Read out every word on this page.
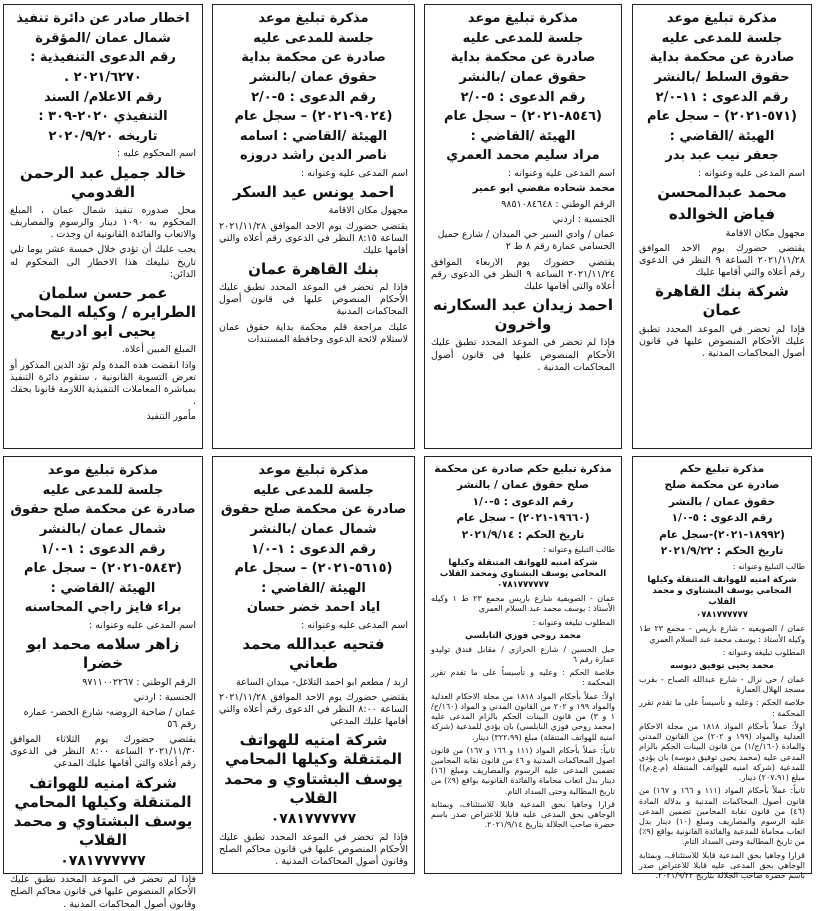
مذكرة تبليغ موعد
جلسة للمدعى عليه
صادرة عن محكمة بداية
حقوق السلط /بالنشر
رقم الدعوى : ١١-٢/٠
(٥٧١-٢٠٢١) – سجل عام
الهيئة /القاضي :
جعفر نيب عبد بدر
اسم المدعى عليه وعنوانه :
محمد عبدالمحسن
فياض الخوالده
مجهول مكان الاقامة
يقتضي حضورك يوم الاحد الموافق ٢٠٢١/١١/٢٨ الساعة ٩ النظر في الدعوى رقم أعلاه والتي أقامها عليك
شركة بنك القاهرة عمان
فإذا لم تحضر في الموعد المحدد تطبق عليك الأحكام المنصوص عليها في قانون أصول المحاكمات المدنية .
مذكرة تبليغ موعد
جلسة للمدعى عليه
صادرة عن محكمة بداية
حقوق عمان /بالنشر
رقم الدعوى : ٥-٢/٠
(٨٥٤٦-٢٠٢١) – سجل عام
الهيئة /القاضي :
مراد سليم محمد العمري
اسم المدعى عليه وعنوانه :
محمد شحاده مفضي ابو عمير
الرقم الوطني : ٩٨٥١٠٨٤٦٤٨
الجنسية : اردني
عمان / وادي السير حي الميدان / شارع جميل الحسامي عمارة رقم ٨ ط ٢
يقتضي حضورك يوم الاربعاء الموافق ٢٠٢١/١١/٢٤ الساعة ٩ النظر في الدعوى رقم أعلاه والتي أقامها عليك
احمد زيدان عبد السكارنه واخرون
فإذا لم تحضر في الموعد المحدد تطبق عليك الأحكام المنصوص عليها في قانون أصول المحاكمات المدنية .
مذكرة تبليغ موعد
جلسة للمدعى عليه
صادرة عن محكمة بداية
حقوق عمان /بالنشر
رقم الدعوى : ٥-٢/٠
(٩٠٢٤-٢٠٢١) – سجل عام
الهيئة /القاضي : اسامه
ناصر الدين راشد دروزه
اسم المدعى عليه وعنوانه :
احمد يونس عيد السكر
مجهول مكان الاقامة
يقتضي حضورك يوم الاحد الموافق ٢٠٢١/١١/٢٨ الساعة ٨:١٥ النظر في الدعوى رقم أعلاه والتي أقامها عليك
بنك القاهرة عمان
فإذا لم تحضر في الموعد المحدد تطبق عليك الأحكام المنصوص عليها في قانون أصول المحاكمات المدنية
عليك مراجعة قلم محكمة بداية حقوق عمان لاستلام لائحة الدعوى وحافظة المستندات
اخطار صادر عن دائرة تنفيذ
شمال عمان /المؤقرة
رقم الدعوى التنفيذية :
٢٠٢١/٦٢٧٠ .
رقم الاعلام/ السند
التنفيذي ٢٠٢٠-٣٠٩ :
تاريخه ٢٠٢٠/٩/٢٠
اسم المحكوم عليه :
خالد جميل عبد الرحمن القدومي
محل صدوره تنفيذ شمال عمان ، المبلغ المحكوم به ١٠٩٠ دينار والرسوم والمصاريف والاتعاب والفائدة القانونية ان وجدت .
يجب عليك أن تؤدي خلال خمسة عشر يوما تلي تاريخ تبليغك هذا الاخطار الى المحكوم له الدائن:
عمر حسن سلمان الطرايره / وكيله المحامي يحيى ابو ادريع
المبلغ المبين أعلاه.
واذا انقضت هذه المدة ولم تؤد الدين المذكور أو تعرض التسوية القانونية ، ستقوم دائرة التنفيذ بمباشرة المعاملات التنفيذية اللازمة قانونا بحقك .
مأمور التنفيذ
مذكرة تبليغ حكم
صادرة عن محكمة صلح
حقوق عمان / بالنشر
رقم الدعوى : ٥-١/٠
(١٨٩٩٢-٢٠٢١)-سجل عام
تاريخ الحكم : ٢٠٢١/٩/٢٢
طالب التبليغ وعنوانه :
شركة امنيه للهواتف المتنقلة وكيلها المحامي يوسف البشتاوي و محمد القلاب
٠٧٨١٧٧٧٧٧٧
عمان / الصويفيه - شارع باريس - مجمع ٢٣ ط١ وكيله الأستاذ : يوسف محمد عبد السلام العمري
المطلوب تبليغه وعنوانه :
محمد يحيى توفيق دبوسه
عمان / حي نزال - شارع عبدالله الصباح - بقرب مسجد الهلال العمارة
خلاصة الحكم : وعليه و تأسيساً على ما تقدم تقرر المحكمة :
اولاً: عملاً بأحكام المواد ١٨١٨ من مجلة الاحكام العدلية والمواد (١٩٩ و ٢٠٢) من القانون المدني والمادة (١٦٠/ج/١) من قانون البينات الحكم بالزام المدعى عليه (محمد يحيى توفيق دبوسه) بان يؤدي للمدعية (شركة امنيه للهواتف المتنقلة (م.ع.م)) مبلغ (٢٠٧،٩١) دينار.
ثانياً: عملاً بأحكام المواد (١١١ و ١٦٦ و ١٦٧) من قانون أصول المحاكمات المدنية و بدلالة المادة (٤٦) من قانون نقابة المحامين تضمين المدعى عليه الرسوم والمصاريف ومبلغ (١٠) دينار بدل اتعاب محاماة للمدعية والفائدة القانونية بواقع (٩٪) من تاريخ المطالبة وحتى السداد التام.
قرارا وجاهيا بحق المدعية قابلا للاستئناف، وبمثابة الوجاهي بحق المدعى عليه قابلا للاعتراض صدر باسم حضرة صاحب الجلالة بتاريخ ٢٠٢١/٩/٢٢.
مذكرة تبليغ حكم صادرة عن محكمة
صلح حقوق عمان / بالنشر
رقم الدعوى : ٥-١/٠
(١٩٦٦٠-٢٠٢١) - سجل عام
تاريخ الحكم : ٢٠٢١/٩/١٤
طالب التبليغ وعنوانه :
شركة امنيه للهواتف المتنقلة وكيلها المحامي يوسف البشتاوي ومحمد القلاب ٠٧٨١٧٧٧٧٧٧
عمان - الصويفية شارع باريس مجمع ٢٣ ط ١ وكيله الأستاذ : يوسف محمد عبد السلام العمري
المطلوب تبليغه وعنوانه :
محمد روحي فوزي النابلسي
جبل الحسين / شارع الحرازي / مقابل فندق توليدو عمارة رقم ٦
خلاصة الحكم : وعليه و تأسيساً على ما تقدم تقرر المحكمة :
اولاً: عملاً بأحكام المواد ١٨١٨ من مجلة الاحكام العدلية والمواد ١٩٩ و ٢٠٢ من القانون المدني و المواد (١٦٠/ج/١ و ٣) من قانون البينات الحكم بالزام المدعى عليه (محمد روحي فوزي النابلسي) بان يؤدي للمدعية (شركة امنية للهواتف المتنقلة) مبلغ (٣٢٢،٩٩) دينار.
ثانياً: عملاً بأحكام المواد (١١١ و ١٦٦ و ١٦٧) من قانون اصول المحاكمات المدنية و ٤٦ من قانون نقابة المحامين تضمين المدعى عليه الرسوم والمصاريف ومبلغ (١٦) دينار بدل اتعاب محاماة والفائدة القانونية بواقع (٩٪) من تاريخ المطالبة وحتى السداد التام.
قرارا وجاهيا بحق المدعية قابلا للاستئناف، وبمثابة الوجاهي بحق المدعى عليه قابلا للاعتراض صدر باسم حضرة صاحب الجلالة بتاريخ ٢٠٢١/٩/١٤.
مذكرة تبليغ موعد
جلسة للمدعى عليه
صادرة عن محكمة صلح حقوق
شمال عمان /بالنشر
رقم الدعوى : ١-١/٠
(٥٦١٥-٢٠٢١) – سجل عام
الهيئة /القاضي :
اياد احمد خضر حسان
اسم المدعى عليه وعنوانه :
فتحيه عبدالله محمد طعاني
اربد / مطعم ابو احمد التلاغل- ميدان الساعة
يقتضي حضورك يوم الاحد الموافق ٢٠٢١/١١/٢٨ الساعة ٨:٠٠ النظر في الدعوى رقم أعلاه والتي أقامها عليك المدعي
شركة امنيه للهواتف المتنقلة وكيلها المحامي يوسف البشتاوي و محمد القلاب
٠٧٨١٧٧٧٧٧٧
فإذا لم تحضر في الموعد المحدد تطبق عليك الأحكام المنصوص عليها في قانون محاكم الصلح وقانون أصول المحاكمات المدنية .
مذكرة تبليغ موعد
جلسة للمدعى عليه
صادرة عن محكمة صلح حقوق
شمال عمان /بالنشر
رقم الدعوى : ١-١/٠
(٥٨٤٣-٢٠٢١) – سجل عام
الهيئة /القاضي :
براء فايز راجي المحاسنه
اسم المدعى عليه وعنوانه :
زاهر سلامه محمد ابو خضرا
الرقم الوطني : ٩٧١١٠٠٢٢٦٧
الجنسية : اردني
عمان / ضاحية الروضه- شارع الخضر- عماره رقم ٥٦
يقتضي حضورك يوم الثلاثاء الموافق ٢٠٢١/١١/٣٠ الساعة ٨:٠٠ النظر في الدعوى رقم أعلاه والتي أقامها عليك المدعي
شركة امنيه للهواتف المتنقلة وكيلها المحامي يوسف البشتاوي و محمد القلاب
٠٧٨١٧٧٧٧٧٧
فإذا لم تحضر في الموعد المحدد تطبق عليك الأحكام المنصوص عليها في قانون محاكم الصلح وقانون أصول المحاكمات المدنية .
